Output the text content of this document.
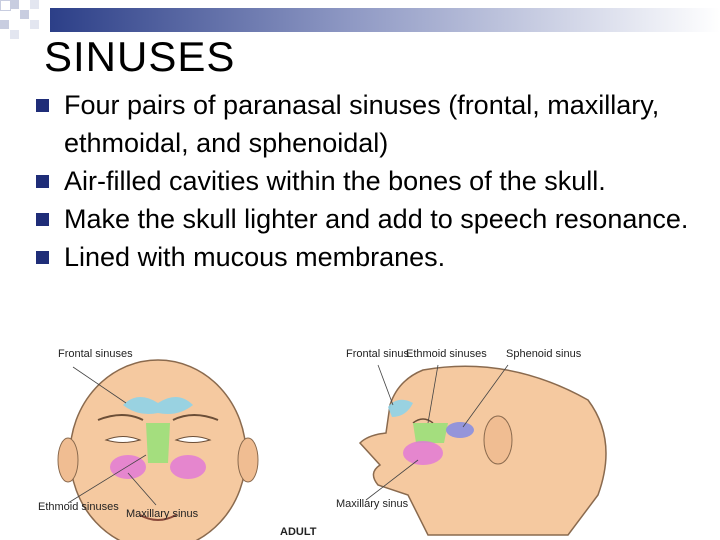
SINUSES
Four pairs of paranasal sinuses (frontal, maxillary, ethmoidal, and sphenoidal)
Air-filled cavities within the bones of the skull.
Make the skull lighter and add to speech resonance.
Lined with mucous membranes.
Frontal sinuses
Ethmoid sinuses
Maxillary sinus
Frontal sinus
Ethmoid sinuses Sphenoid sinus
Maxillary sinus
ADULT
